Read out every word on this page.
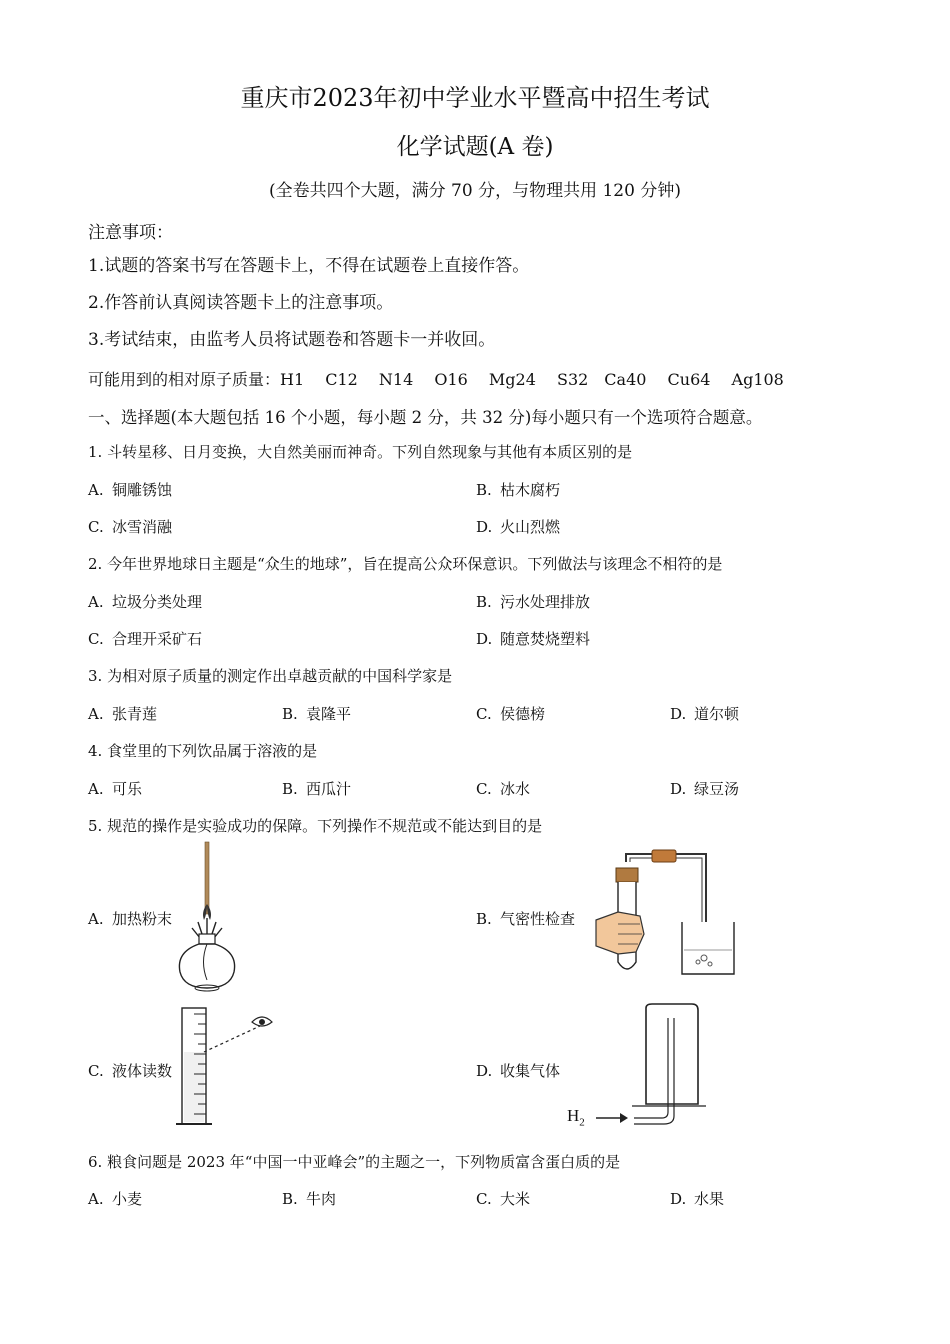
重庆市2023年初中学业水平暨高中招生考试
化学试题(A 卷)
(全卷共四个大题，满分 70 分，与物理共用 120 分钟)
注意事项：
1.试题的答案书写在答题卡上，不得在试题卷上直接作答。
2.作答前认真阅读答题卡上的注意事项。
3.考试结束，由监考人员将试题卷和答题卡一并收回。
可能用到的相对原子质量：H1　 C12　 N14　 O16　 Mg24　 S32　Ca40　 Cu64　 Ag108
一、选择题(本大题包括 16 个小题，每小题 2 分，共 32 分)每小题只有一个选项符合题意。
1. 斗转星移、日月变换，大自然美丽而神奇。下列自然现象与其他有本质区别的是
A. 铜雕锈蚀	B. 枯木腐朽
C. 冰雪消融	D. 火山烈燃
2. 今年世界地球日主题是“众生的地球”，旨在提高公众环保意识。下列做法与该理念不相符的是
A. 垃圾分类处理	B. 污水处理排放
C. 合理开采矿石	D. 随意焚烧塑料
3. 为相对原子质量的测定作出卓越贡献的中国科学家是
A. 张青莲	B. 袁隆平	C. 侯德榜	D. 道尔顿
4. 食堂里的下列饮品属于溶液的是
A. 可乐	B. 西瓜汁	C. 冰水	D. 绿豆汤
5. 规范的操作是实验成功的保障。下列操作不规范或不能达到目的是
A. 加热粉末	B. 气密性检查
C. 液体读数	D. 收集气体
$H_2$
6. 粮食问题是 2023 年“中国一中亚峰会”的主题之一，下列物质富含蛋白质的是
A. 小麦	B. 牛肉	C. 大米	D. 水果
